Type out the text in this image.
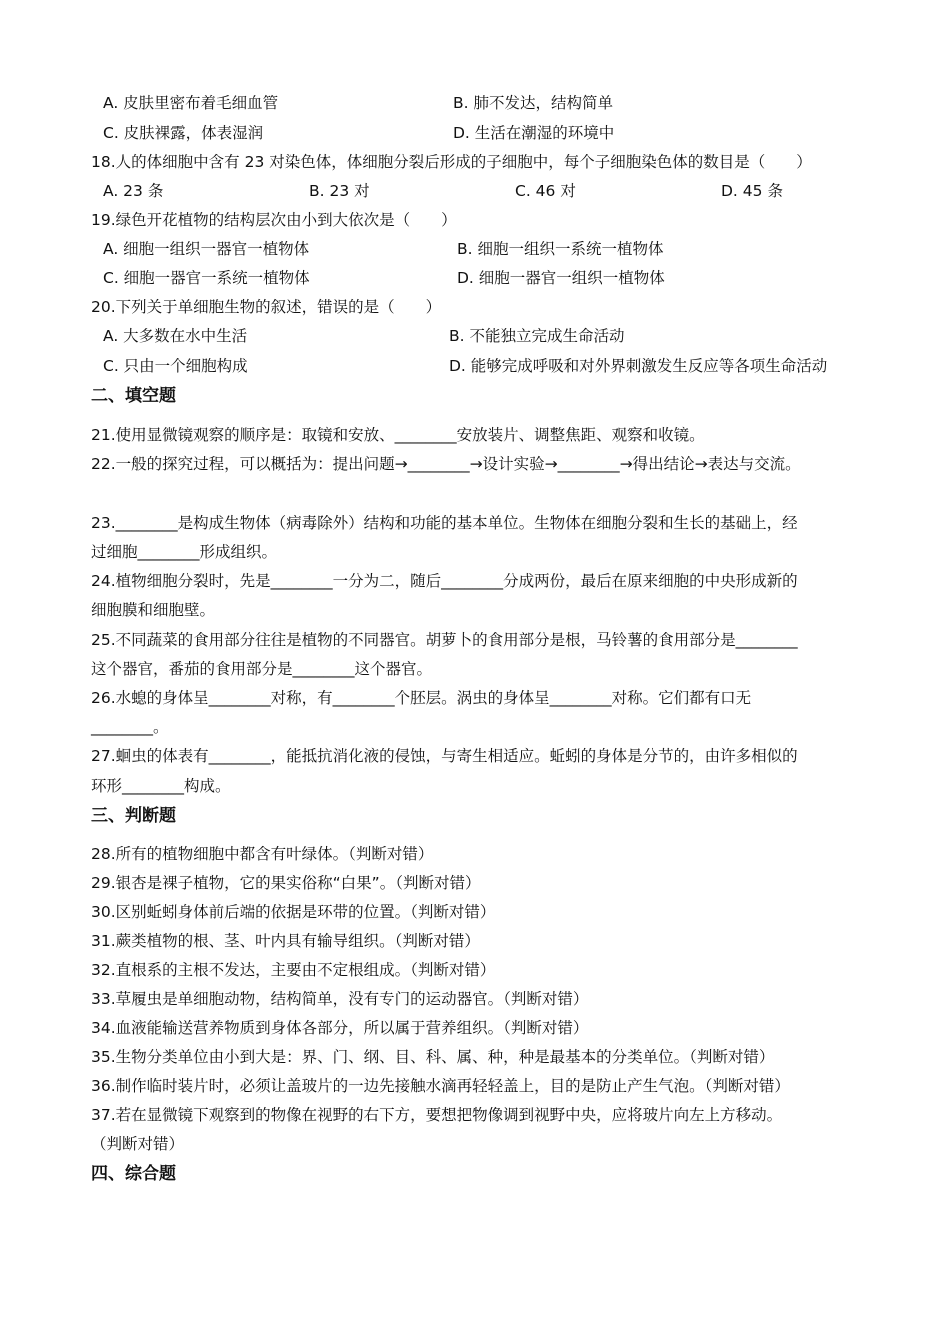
A. 皮肤里密布着毛细血管	B. 肺不发达，结构简单
C. 皮肤裸露，体表湿润	D. 生活在潮湿的环境中
18.人的体细胞中含有 23 对染色体，体细胞分裂后形成的子细胞中，每个子细胞染色体的数目是（　　）
A. 23 条	B. 23 对	C. 46 对	D. 45 条
19.绿色开花植物的结构层次由小到大依次是（　　）
A. 细胞一组织一器官一植物体	B. 细胞一组织一系统一植物体
C. 细胞一器官一系统一植物体	D. 细胞一器官一组织一植物体
20.下列关于单细胞生物的叙述，错误的是（　　）
A. 大多数在水中生活	B. 不能独立完成生命活动
C. 只由一个细胞构成	D. 能够完成呼吸和对外界刺激发生反应等各项生命活动
二、填空题
21.使用显微镜观察的顺序是：取镜和安放、________安放装片、调整焦距、观察和收镜。
22.一般的探究过程，可以概括为：提出问题→________→设计实验→________→得出结论→表达与交流。
23.________是构成生物体（病毒除外）结构和功能的基本单位。生物体在细胞分裂和生长的基础上，经
过细胞________形成组织。
24.植物细胞分裂时，先是________一分为二，随后________分成两份，最后在原来细胞的中央形成新的
细胞膜和细胞壁。
25.不同蔬菜的食用部分往往是植物的不同器官。胡萝卜的食用部分是根，马铃薯的食用部分是________
这个器官，番茄的食用部分是________这个器官。
26.水螅的身体呈________对称，有________个胚层。涡虫的身体呈________对称。它们都有口无
________。
27.蛔虫的体表有________，能抵抗消化液的侵蚀，与寄生相适应。蚯蚓的身体是分节的，由许多相似的
环形________构成。
三、判断题
28.所有的植物细胞中都含有叶绿体。（判断对错）
29.银杏是裸子植物，它的果实俗称“白果”。（判断对错）
30.区别蚯蚓身体前后端的依据是环带的位置。（判断对错）
31.蕨类植物的根、茎、叶内具有输导组织。（判断对错）
32.直根系的主根不发达，主要由不定根组成。（判断对错）
33.草履虫是单细胞动物，结构简单，没有专门的运动器官。（判断对错）
34.血液能输送营养物质到身体各部分，所以属于营养组织。（判断对错）
35.生物分类单位由小到大是：界、门、纲、目、科、属、种，种是最基本的分类单位。（判断对错）
36.制作临时装片时，必须让盖玻片的一边先接触水滴再轻轻盖上，目的是防止产生气泡。（判断对错）
37.若在显微镜下观察到的物像在视野的右下方，要想把物像调到视野中央，应将玻片向左上方移动。
（判断对错）
四、综合题
